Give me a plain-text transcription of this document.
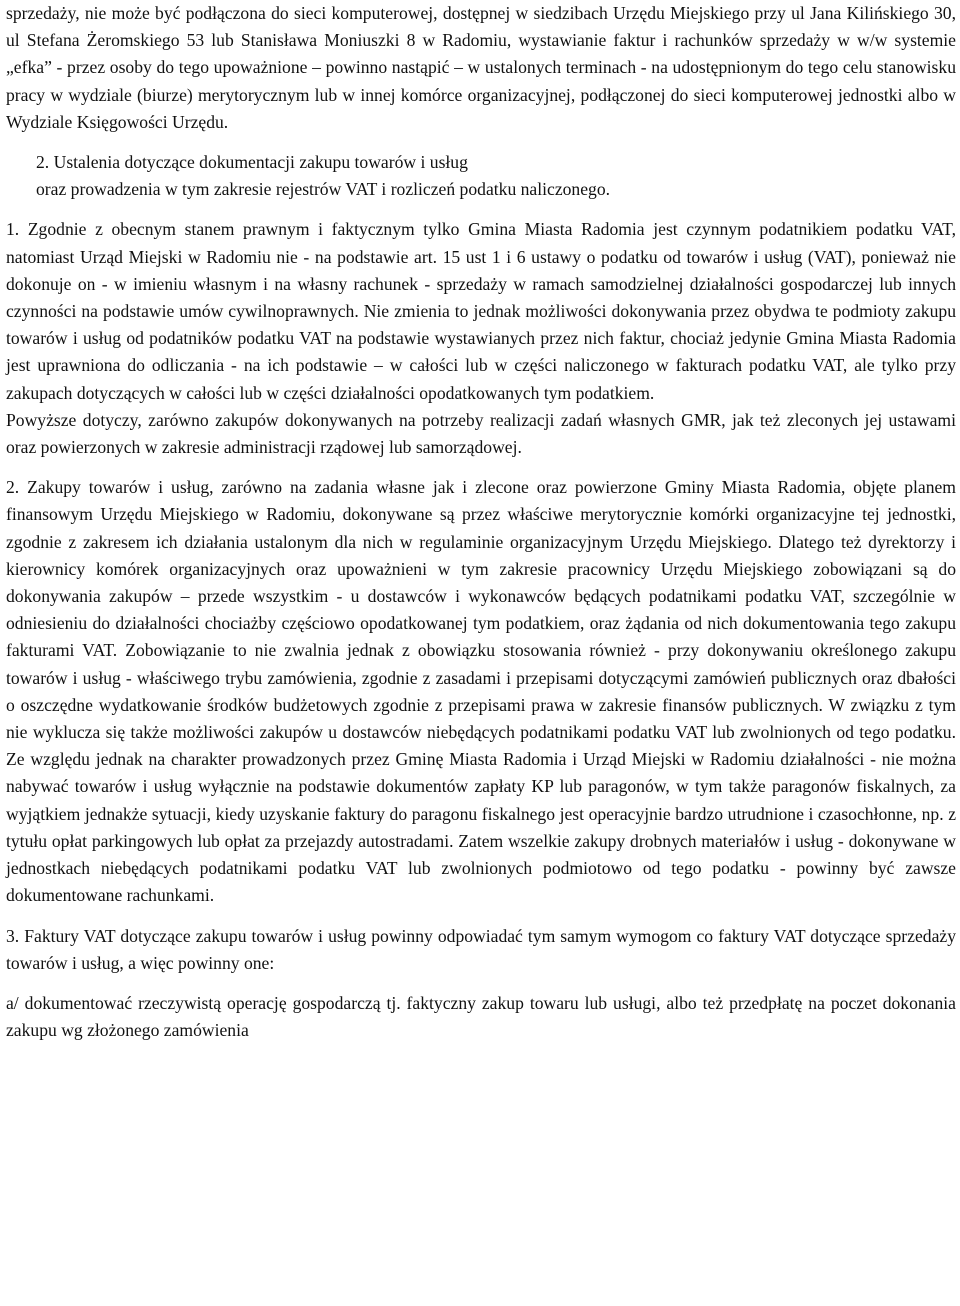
sprzedaży, nie może być podłączona do sieci komputerowej, dostępnej w siedzibach Urzędu Miejskiego przy ul Jana Kilińskiego 30, ul Stefana Żeromskiego 53 lub Stanisława Moniuszki 8 w Radomiu, wystawianie faktur i rachunków sprzedaży w w/w systemie „efka” - przez osoby do tego upoważnione – powinno nastąpić – w ustalonych terminach - na udostępnionym do tego celu stanowisku pracy w wydziale (biurze) merytorycznym lub w innej komórce organizacyjnej, podłączonej do sieci komputerowej jednostki albo w Wydziale Księgowości Urzędu.

2. Ustalenia dotyczące dokumentacji zakupu towarów i usług
oraz prowadzenia w tym zakresie rejestrów VAT i rozliczeń podatku naliczonego.

1. Zgodnie z obecnym stanem prawnym i faktycznym tylko Gmina Miasta Radomia jest czynnym podatnikiem podatku VAT, natomiast Urząd Miejski w Radomiu nie - na podstawie art. 15 ust 1 i 6 ustawy o podatku od towarów i usług (VAT), ponieważ nie dokonuje on - w imieniu własnym i na własny rachunek - sprzedaży w ramach samodzielnej działalności gospodarczej lub innych czynności na podstawie umów cywilnoprawnych. Nie zmienia to jednak możliwości dokonywania przez obydwa te podmioty zakupu towarów i usług od podatników podatku VAT na podstawie wystawianych przez nich faktur, chociaż jedynie Gmina Miasta Radomia jest uprawniona do odliczania - na ich podstawie – w całości lub w części naliczonego w fakturach podatku VAT, ale tylko przy zakupach dotyczących w całości lub w części działalności opodatkowanych tym podatkiem.

Powyższe dotyczy, zarówno zakupów dokonywanych na potrzeby realizacji zadań własnych GMR, jak też zleconych jej ustawami oraz powierzonych w zakresie administracji rządowej lub samorządowej.

2. Zakupy towarów i usług, zarówno na zadania własne jak i zlecone oraz powierzone Gminy Miasta Radomia, objęte planem finansowym Urzędu Miejskiego w Radomiu, dokonywane są przez właściwe merytorycznie komórki organizacyjne tej jednostki, zgodnie z zakresem ich działania ustalonym dla nich w regulaminie organizacyjnym Urzędu Miejskiego. Dlatego też dyrektorzy i kierownicy komórek organizacyjnych oraz upoważnieni w tym zakresie pracownicy Urzędu Miejskiego zobowiązani są do dokonywania zakupów – przede wszystkim - u dostawców i wykonawców będących podatnikami podatku VAT, szczególnie w odniesieniu do działalności chociażby częściowo opodatkowanej tym podatkiem, oraz żądania od nich dokumentowania tego zakupu fakturami VAT. Zobowiązanie to nie zwalnia jednak z obowiązku stosowania również - przy dokonywaniu określonego zakupu towarów i usług - właściwego trybu zamówienia, zgodnie z zasadami i przepisami dotyczącymi zamówień publicznych oraz dbałości o oszczędne wydatkowanie środków budżetowych zgodnie z przepisami prawa w zakresie finansów publicznych. W związku z tym nie wyklucza się także możliwości zakupów u dostawców niebędących podatnikami podatku VAT lub zwolnionych od tego podatku. Ze względu jednak na charakter prowadzonych przez Gminę Miasta Radomia i Urząd Miejski w Radomiu działalności - nie można nabywać towarów i usług wyłącznie na podstawie dokumentów zapłaty KP lub paragonów, w tym także paragonów fiskalnych, za wyjątkiem jednakże sytuacji, kiedy uzyskanie faktury do paragonu fiskalnego jest operacyjnie bardzo utrudnione i czasochłonne, np. z tytułu opłat parkingowych lub opłat za przejazdy autostradami. Zatem wszelkie zakupy drobnych materiałów i usług - dokonywane w jednostkach niebędących podatnikami podatku VAT lub zwolnionych podmiotowo od tego podatku - powinny być zawsze dokumentowane rachunkami.

3. Faktury VAT dotyczące zakupu towarów i usług powinny odpowiadać tym samym wymogom co faktury VAT dotyczące sprzedaży towarów i usług, a więc powinny one:

a/ dokumentować rzeczywistą operację gospodarczą tj. faktyczny zakup towaru lub usługi, albo też przedpłatę na poczet dokonania zakupu wg złożonego zamówienia
